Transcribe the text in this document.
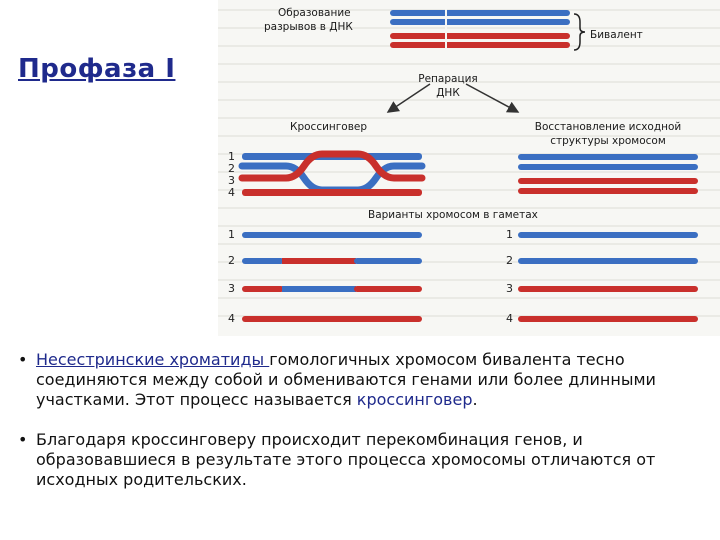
Профаза I
Образование
разрывов в ДНК
Бивалент
Репарация
ДНК
Кроссинговер
1
2
3
4
Восстановление исходной
структуры хромосом
Варианты хромосом в гаметах
1
2
3
4
1
2
3
4
• Несестринские хроматиды гомологичных хромосом бивалента тесно соединяются между собой и обмениваются генами или более длинными участками. Этот процесс называется кроссинговер.
• Благодаря кроссинговеру происходит перекомбинация генов, и образовавшиеся в результате этого процесса хромосомы отличаются от исходных родительских.
